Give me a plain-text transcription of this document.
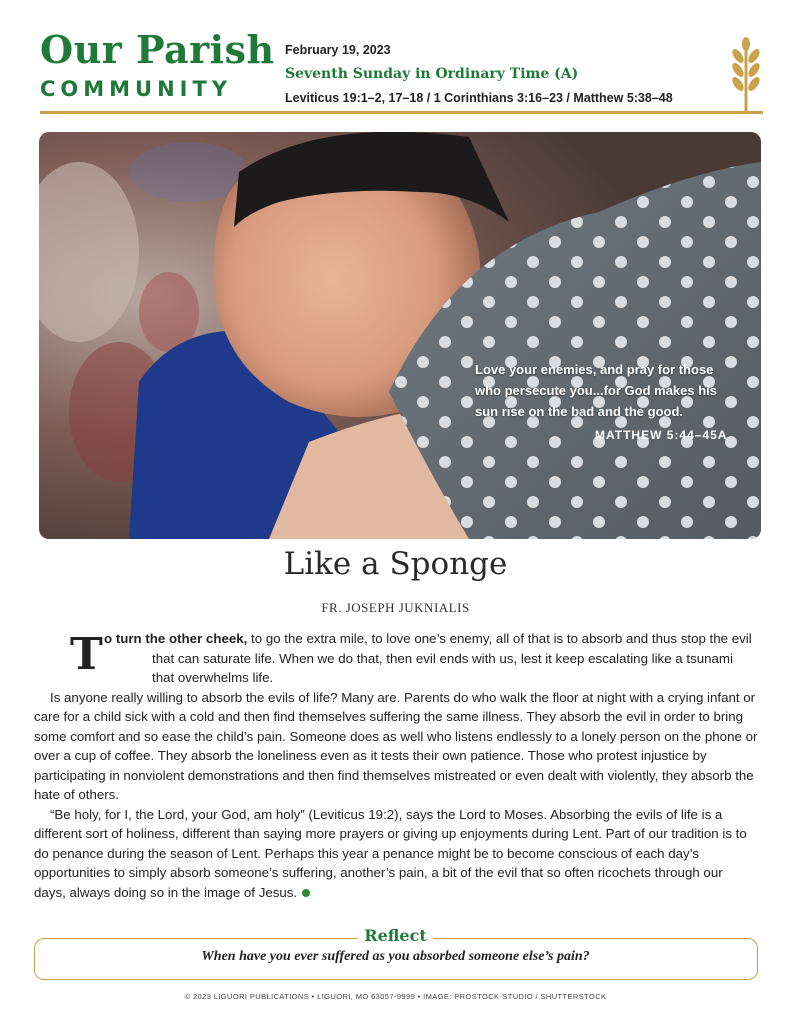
Our Parish
COMMUNITY
February 19, 2023
Seventh Sunday in Ordinary Time (A)
Leviticus 19:1–2, 17–18 / 1 Corinthians 3:16–23 / Matthew 5:38–48
Love your enemies, and pray for those who persecute you...for God makes his sun rise on the bad and the good.
MATTHEW 5:44–45A
Like a Sponge
FR. JOSEPH JUKNIALIS

To turn the other cheek, to go the extra mile, to love one’s enemy, all of that is to absorb and thus stop the evil that can saturate life. When we do that, then evil ends with us, lest it keep escalating like a tsunami that overwhelms life.

Is anyone really willing to absorb the evils of life? Many are. Parents do who walk the floor at night with a crying infant or care for a child sick with a cold and then find themselves suffering the same illness. They absorb the evil in order to bring some comfort and so ease the child’s pain. Someone does as well who listens endlessly to a lonely person on the phone or over a cup of coffee. They absorb the loneliness even as it tests their own patience. Those who protest injustice by participating in nonviolent demonstrations and then find themselves mistreated or even dealt with violently, they absorb the hate of others.

“Be holy, for I, the Lord, your God, am holy” (Leviticus 19:2), says the Lord to Moses. Absorbing the evils of life is a different sort of holiness, different than saying more prayers or giving up enjoyments during Lent. Part of our tradition is to do penance during the season of Lent. Perhaps this year a penance might be to become conscious of each day’s opportunities to simply absorb someone’s suffering, another’s pain, a bit of the evil that so often ricochets through our days, always doing so in the image of Jesus.

Reflect
When have you ever suffered as you absorbed someone else’s pain?
© 2023 LIGUORI PUBLICATIONS • LIGUORI, MO 63057-9999 • IMAGE: PROSTOCK-STUDIO / SHUTTERSTOCK
